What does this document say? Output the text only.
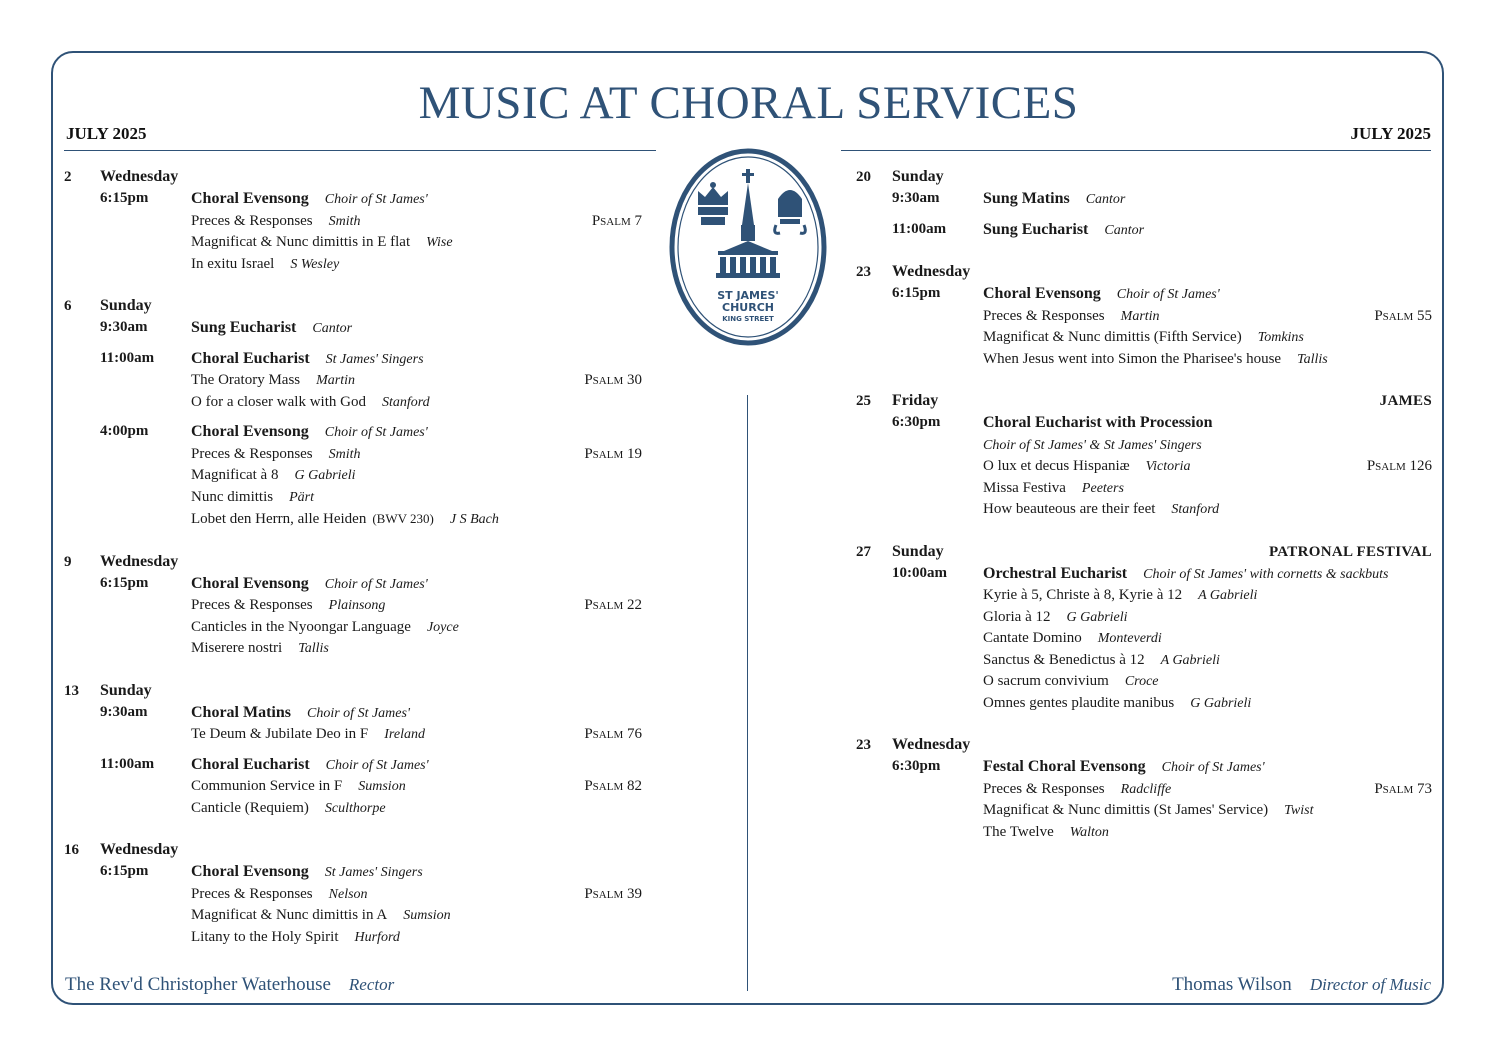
MUSIC AT CHORAL SERVICES
JULY 2025	JULY 2025
ST JAMES'
CHURCH
KING STREET
2	Wednesday
6:15pm	Choral Evensong Choir of St James'
Preces & Responses Smith	Psalm 7
Magnificat & Nunc dimittis in E flat Wise
In exitu Israel S Wesley
6	Sunday
9:30am	Sung Eucharist Cantor
11:00am	Choral Eucharist St James' Singers
The Oratory Mass Martin	Psalm 30
O for a closer walk with God Stanford
4:00pm	Choral Evensong Choir of St James'
Preces & Responses Smith	Psalm 19
Magnificat à 8 G Gabrieli
Nunc dimittis Pärt
Lobet den Herrn, alle Heiden (BWV 230) J S Bach
9	Wednesday
6:15pm	Choral Evensong Choir of St James'
Preces & Responses Plainsong	Psalm 22
Canticles in the Nyoongar Language Joyce
Miserere nostri Tallis
13	Sunday
9:30am	Choral Matins Choir of St James'
Te Deum & Jubilate Deo in F Ireland	Psalm 76
11:00am	Choral Eucharist Choir of St James'
Communion Service in F Sumsion	Psalm 82
Canticle (Requiem) Sculthorpe
16	Wednesday
6:15pm	Choral Evensong St James' Singers
Preces & Responses Nelson	Psalm 39
Magnificat & Nunc dimittis in A Sumsion
Litany to the Holy Spirit Hurford
20	Sunday
9:30am	Sung Matins Cantor
11:00am	Sung Eucharist Cantor
23	Wednesday
6:15pm	Choral Evensong Choir of St James'
Preces & Responses Martin	Psalm 55
Magnificat & Nunc dimittis (Fifth Service) Tomkins
When Jesus went into Simon the Pharisee's house Tallis
25	Friday	JAMES
6:30pm	Choral Eucharist with Procession
Choir of St James' & St James' Singers
O lux et decus Hispaniæ Victoria	Psalm 126
Missa Festiva Peeters
How beauteous are their feet Stanford
27	Sunday	PATRONAL FESTIVAL
10:00am	Orchestral Eucharist Choir of St James' with cornetts & sackbuts
Kyrie à 5, Christe à 8, Kyrie à 12 A Gabrieli
Gloria à 12 G Gabrieli
Cantate Domino Monteverdi
Sanctus & Benedictus à 12 A Gabrieli
O sacrum convivium Croce
Omnes gentes plaudite manibus G Gabrieli
23	Wednesday
6:30pm	Festal Choral Evensong Choir of St James'
Preces & Responses Radcliffe	Psalm 73
Magnificat & Nunc dimittis (St James' Service) Twist
The Twelve Walton
The Rev'd Christopher Waterhouse Rector	Thomas Wilson Director of Music
